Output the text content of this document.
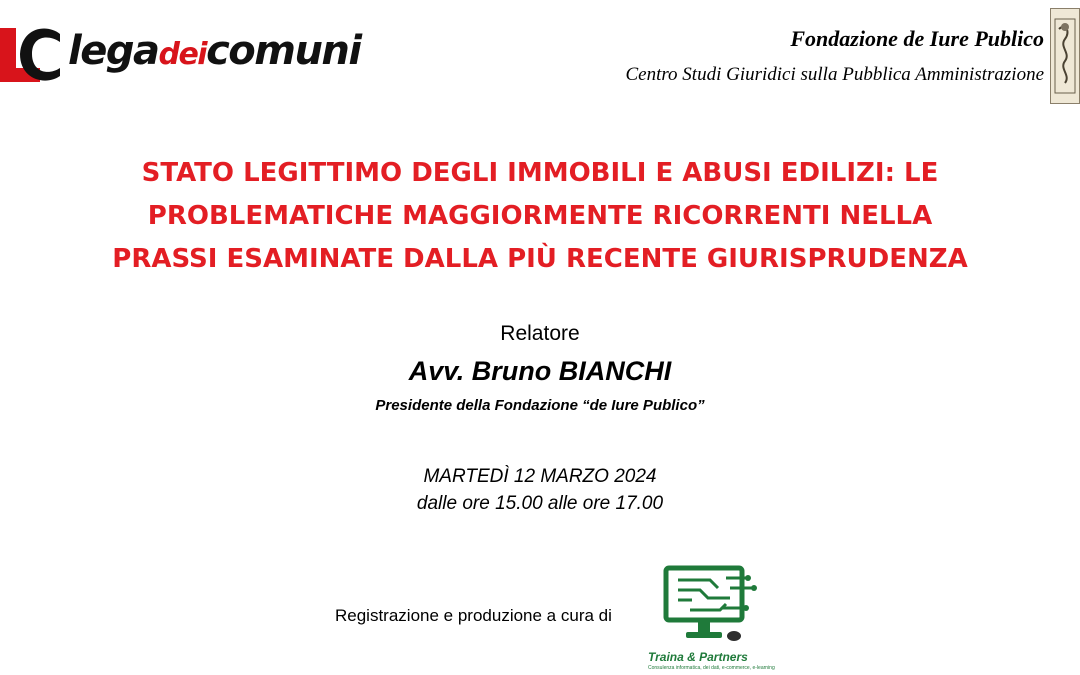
legadeicomuni	Fondazione de Iure Publico
Centro Studi Giuridici sulla Pubblica Amministrazione
STATO LEGITTIMO DEGLI IMMOBILI E ABUSI EDILIZI: LE
PROBLEMATICHE MAGGIORMENTE RICORRENTI NELLA
PRASSI ESAMINATE DALLA PIÙ RECENTE GIURISPRUDENZA
Relatore
Avv. Bruno BIANCHI
Presidente della Fondazione “de Iure Publico”
MARTEDÌ 12 MARZO 2024
dalle ore 15.00 alle ore 17.00
Registrazione e produzione a cura di
Traina & Partners
Consulenza informatica, dei dati, e-commerce, e-learning
